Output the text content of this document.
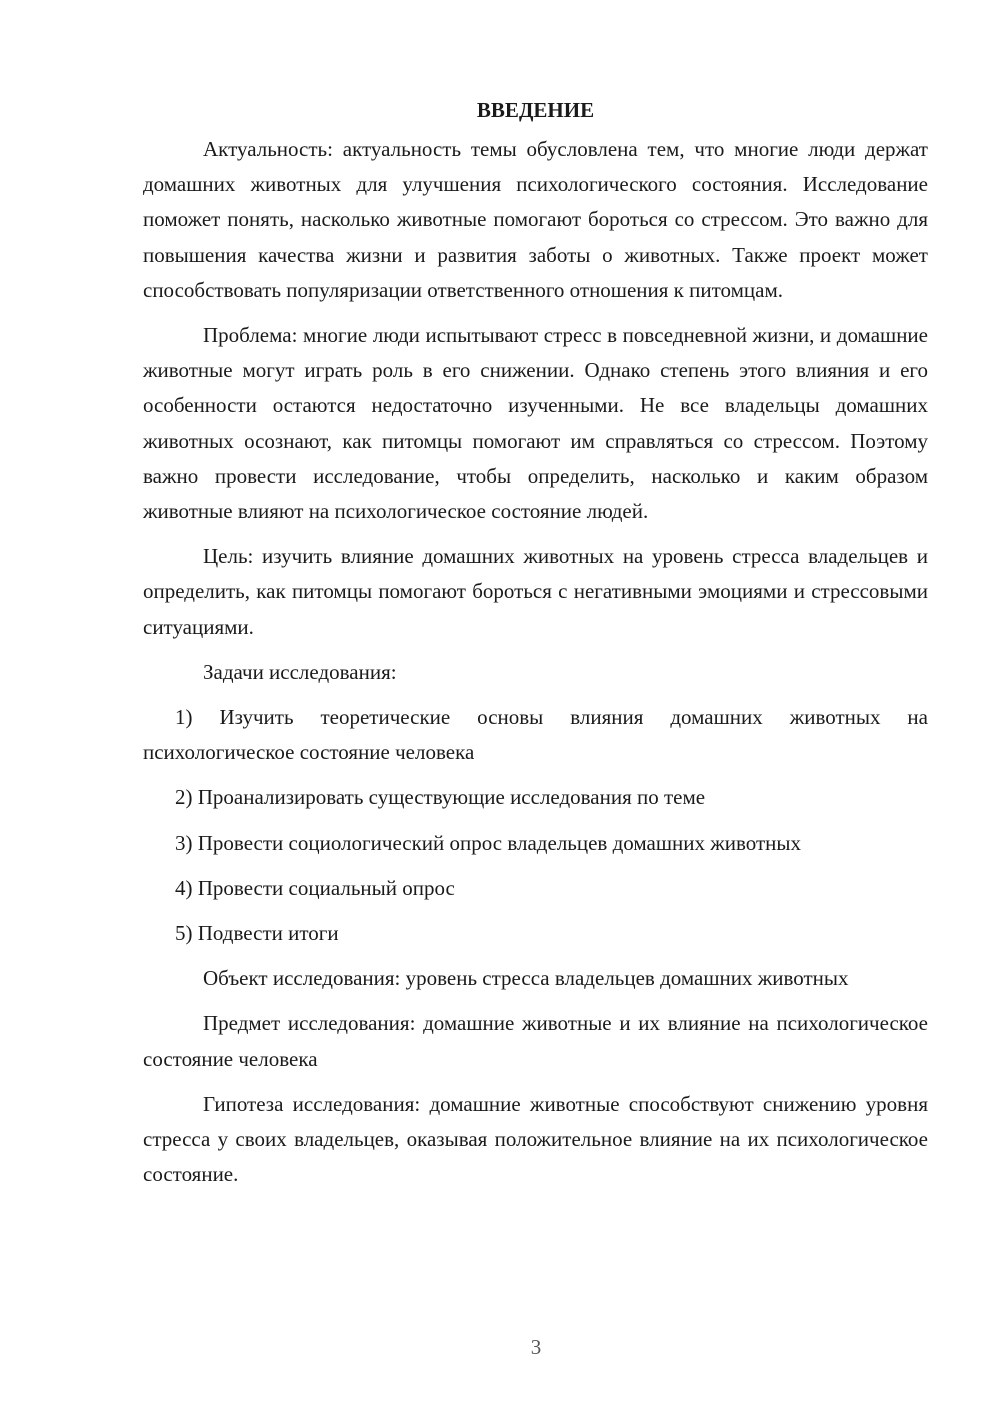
ВВЕДЕНИЕ

Актуальность: актуальность темы обусловлена тем, что многие люди держат домашних животных для улучшения психологического состояния. Исследование поможет понять, насколько животные помогают бороться со стрессом. Это важно для повышения качества жизни и развития заботы о животных. Также проект может способствовать популяризации ответственного отношения к питомцам.

Проблема: многие люди испытывают стресс в повседневной жизни, и домашние животные могут играть роль в его снижении. Однако степень этого влияния и его особенности остаются недостаточно изученными. Не все владельцы домашних животных осознают, как питомцы помогают им справляться со стрессом. Поэтому важно провести исследование, чтобы определить, насколько и каким образом животные влияют на психологическое состояние людей.

Цель: изучить влияние домашних животных на уровень стресса владельцев и определить, как питомцы помогают бороться с негативными эмоциями и стрессовыми ситуациями.

Задачи исследования:

1) Изучить теоретические основы влияния домашних животных на психологическое состояние человека

2) Проанализировать существующие исследования по теме

3) Провести социологический опрос владельцев домашних животных

4) Провести социальный опрос

5) Подвести итоги

Объект исследования: уровень стресса владельцев домашних животных

Предмет исследования: домашние животные и их влияние на психологическое состояние человека

Гипотеза исследования: домашние животные способствуют снижению уровня стресса у своих владельцев, оказывая положительное влияние на их психологическое состояние.

3
